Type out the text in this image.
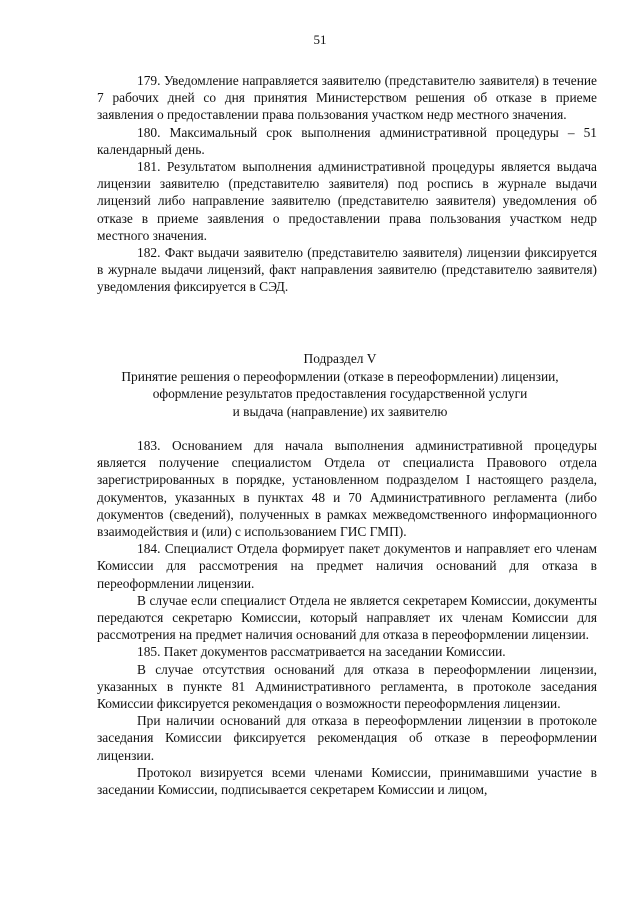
51

179. Уведомление направляется заявителю (представителю заявителя) в течение 7 рабочих дней со дня принятия Министерством решения об отказе в приеме заявления о предоставлении права пользования участком недр местного значения.

180. Максимальный срок выполнения административной процедуры – 51 календарный день.

181. Результатом выполнения административной процедуры является выдача лицензии заявителю (представителю заявителя) под роспись в журнале выдачи лицензий либо направление заявителю (представителю заявителя) уведомления об отказе в приеме заявления о предоставлении права пользования участком недр местного значения.

182. Факт выдачи заявителю (представителю заявителя) лицензии фиксируется в журнале выдачи лицензий, факт направления заявителю (представителю заявителя) уведомления фиксируется в СЭД.

Подраздел V
Принятие решения о переоформлении (отказе в переоформлении) лицензии,
оформление результатов предоставления государственной услуги
и выдача (направление) их заявителю

183. Основанием для начала выполнения административной процедуры является получение специалистом Отдела от специалиста Правового отдела зарегистрированных в порядке, установленном подразделом I настоящего раздела, документов, указанных в пунктах 48 и 70 Административного регламента (либо документов (сведений), полученных в рамках межведомственного информационного взаимодействия и (или) с использованием ГИС ГМП).

184. Специалист Отдела формирует пакет документов и направляет его членам Комиссии для рассмотрения на предмет наличия оснований для отказа в переоформлении лицензии.

В случае если специалист Отдела не является секретарем Комиссии, документы передаются секретарю Комиссии, который направляет их членам Комиссии для рассмотрения на предмет наличия оснований для отказа в переоформлении лицензии.

185. Пакет документов рассматривается на заседании Комиссии.

В случае отсутствия оснований для отказа в переоформлении лицензии, указанных в пункте 81 Административного регламента, в протоколе заседания Комиссии фиксируется рекомендация о возможности переоформления лицензии.

При наличии оснований для отказа в переоформлении лицензии в протоколе заседания Комиссии фиксируется рекомендация об отказе в переоформлении лицензии.

Протокол визируется всеми членами Комиссии, принимавшими участие в заседании Комиссии, подписывается секретарем Комиссии и лицом,
